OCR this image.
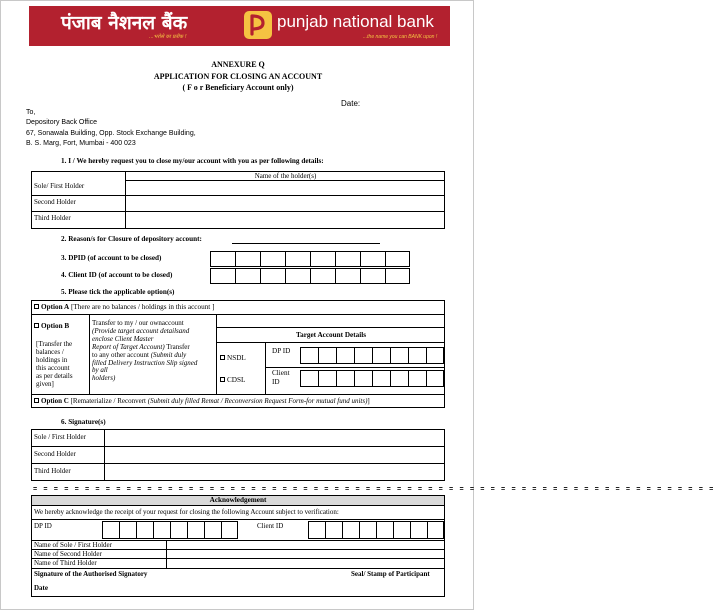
पंजाब नैशनल बैंक
...भरोसे का प्रतीक !
punjab national bank
...the name you can BANK upon !
ANNEXURE Q
APPLICATION FOR CLOSING AN ACCOUNT
( F o r Beneficiary Account only)
Date:
To,
Depository Back Office
67, Sonawala Building, Opp. Stock Exchange Building,
B. S. Marg, Fort, Mumbai - 400 023
1. I / We hereby request you to close my/our account with you as per following details:
Name of the holder(s)
Sole/ First Holder
Second Holder
Third Holder
2. Reason/s for Closure of depository account:
3. DPID (of account to be closed)
4. Client ID (of account to be closed)
5. Please tick the applicable option(s)
Option A [There are no balances / holdings in this account ]
Option B
[Transfer the
balances /
holdings in
this account
as per details
given]
Transfer to my / our ownaccount
(Provide target account detailsand
enclose Client Master
Report of Target Account) Transfer
to any other account (Submit duly
filled Delivery Instruction Slip signed
by all
holders)
Target Account Details
NSDL
CDSL
DP ID
Client
ID
Option C [Rematerialize / Reconvert (Submit duly filled Remat / Reconversion Request Form-for mutual fund units)]
6. Signature(s)
Sole / First Holder
Second Holder
Third Holder
= = = = = = = = = = = = = = = = = = = = = = = = = = = = = = = = = = = = = = = = = = = = = = = = = = = = = = = = = = = = = = = = = =
Acknowledgement
We hereby acknowledge the receipt of your request for closing the following Account subject to verification:
DP ID	Client ID
Name of Sole / First Holder
Name of Second Holder
Name of Third Holder
Signature of the Authorised Signatory	Seal/ Stamp of Participant
Date
